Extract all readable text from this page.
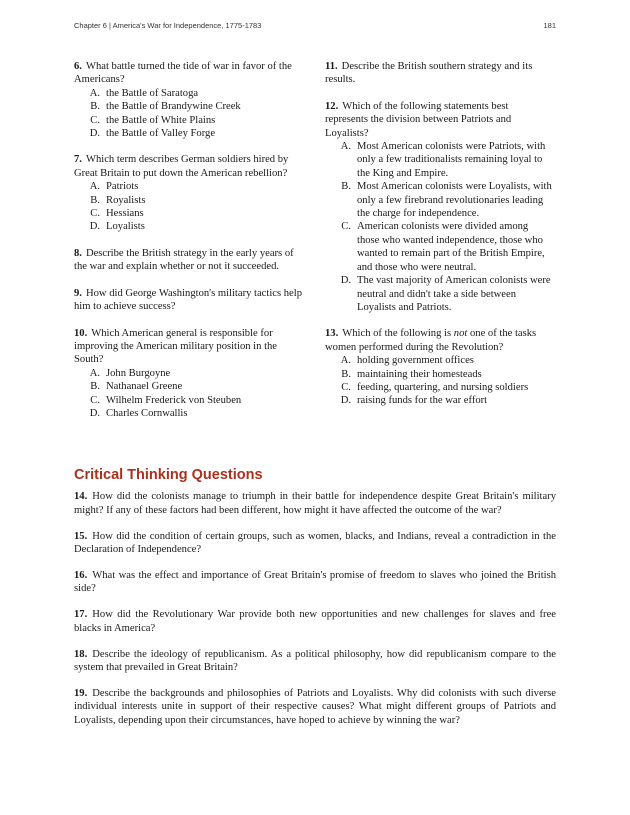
Chapter 6 | America's War for Independence, 1775-1783	181

6. What battle turned the tide of war in favor of the Americans?

A. the Battle of Saratoga
B. the Battle of Brandywine Creek
C. the Battle of White Plains
D. the Battle of Valley Forge

7. Which term describes German soldiers hired by Great Britain to put down the American rebellion?

A. Patriots
B. Royalists
C. Hessians
D. Loyalists

8. Describe the British strategy in the early years of the war and explain whether or not it succeeded.

9. How did George Washington's military tactics help him to achieve success?

10. Which American general is responsible for improving the American military position in the South?

A. John Burgoyne
B. Nathanael Greene
C. Wilhelm Frederick von Steuben
D. Charles Cornwallis

11. Describe the British southern strategy and its results.

12. Which of the following statements best represents the division between Patriots and Loyalists?

A. Most American colonists were Patriots, with only a few traditionalists remaining loyal to the King and Empire.
B. Most American colonists were Loyalists, with only a few firebrand revolutionaries leading the charge for independence.
C. American colonists were divided among those who wanted independence, those who wanted to remain part of the British Empire, and those who were neutral.
D. The vast majority of American colonists were neutral and didn't take a side between Loyalists and Patriots.

13. Which of the following is not one of the tasks women performed during the Revolution?

A. holding government offices
B. maintaining their homesteads
C. feeding, quartering, and nursing soldiers
D. raising funds for the war effort
Critical Thinking Questions

14. How did the colonists manage to triumph in their battle for independence despite Great Britain's military might? If any of these factors had been different, how might it have affected the outcome of the war?

15. How did the condition of certain groups, such as women, blacks, and Indians, reveal a contradiction in the Declaration of Independence?

16. What was the effect and importance of Great Britain's promise of freedom to slaves who joined the British side?

17. How did the Revolutionary War provide both new opportunities and new challenges for slaves and free blacks in America?

18. Describe the ideology of republicanism. As a political philosophy, how did republicanism compare to the system that prevailed in Great Britain?

19. Describe the backgrounds and philosophies of Patriots and Loyalists. Why did colonists with such diverse individual interests unite in support of their respective causes? What might different groups of Patriots and Loyalists, depending upon their circumstances, have hoped to achieve by winning the war?
